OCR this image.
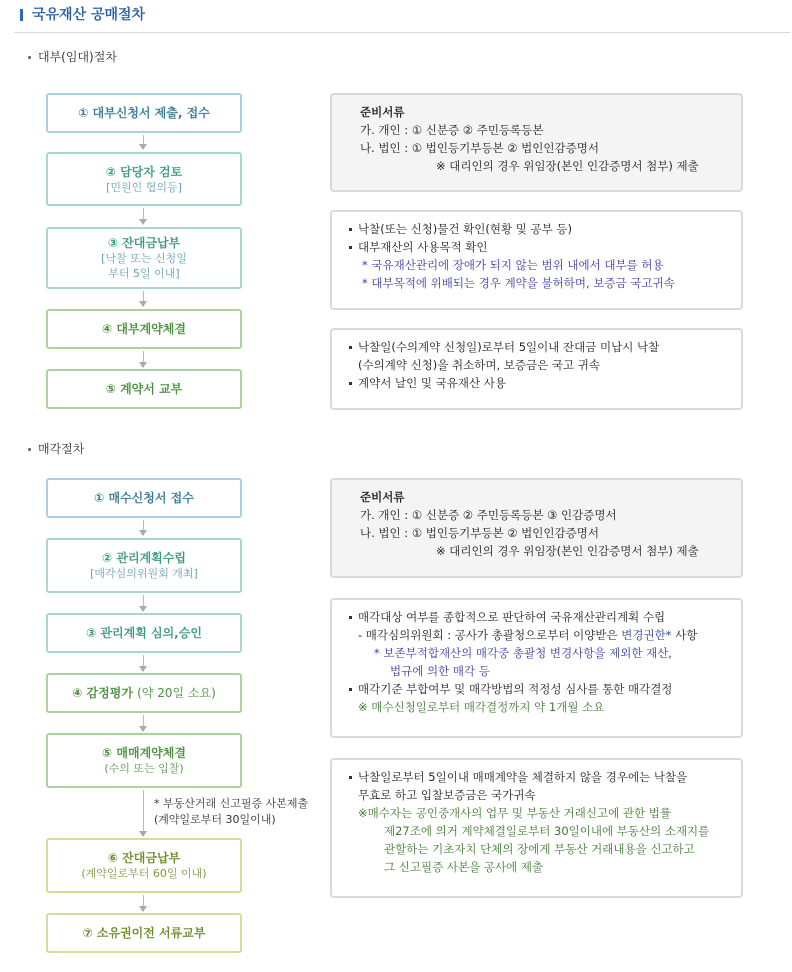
국유재산 공매절차
대부(임대)절차
① 대부신청서 제출, 접수
② 담당자 검토
[민원인 협의등]
③ 잔대금납부
[낙찰 또는 신청일
부터 5일 이내]
④ 대부계약체결
⑤ 계약서 교부
준비서류
가. 개인 : ① 신분증 ② 주민등록등본
나. 법인 : ① 법인등기부등본 ② 법인인감증명서
※ 대리인의 경우 위임장(본인 인감증명서 첨부) 제출
낙찰(또는 신청)물건 확인(현황 및 공부 등)
대부재산의 사용목적 확인
* 국유재산관리에 장애가 되지 않는 범위 내에서 대부를 허용
* 대부목적에 위배되는 경우 계약을 불허하며, 보증금 국고귀속
낙찰일(수의계약 신청일)로부터 5일이내 잔대금 미납시 낙찰
(수의계약 신청)을 취소하며, 보증금은 국고 귀속
계약서 날인 및 국유재산 사용
매각절차
① 매수신청서 접수
② 관리계획수립
[매각심의위원회 개최]
③ 관리계획 심의,승인
④ 감정평가 (약 20일 소요)
⑤ 매매계약체결
(수의 또는 입찰)
* 부동산거래 신고필증 사본제출
(계약일로부터 30일이내)
⑥ 잔대금납부
(계약일로부터 60일 이내)
⑦ 소유권이전 서류교부
준비서류
가. 개인 : ① 신분증 ② 주민등록등본 ③ 인감증명서
나. 법인 : ① 법인등기부등본 ② 법인인감증명서
※ 대리인의 경우 위임장(본인 인감증명서 첨부) 제출
매각대상 여부를 종합적으로 판단하여 국유재산관리계획 수립
- 매각심의위원회 : 공사가 총괄청으로부터 이양받은 변경권한* 사항
* 보존부적합재산의 매각중 총괄청 변경사항을 제외한 재산,
법규에 의한 매각 등
매각기준 부합여부 및 매각방법의 적정성 심사를 통한 매각결정
※ 매수신청일로부터 매각결정까지 약 1개월 소요
낙찰일로부터 5일이내 매매계약을 체결하지 않을 경우에는 낙찰을
무효로 하고 입찰보증금은 국가귀속
※매수자는 공인중개사의 업무 및 부동산 거래신고에 관한 법률
제27조에 의거 계약체결일로부터 30일이내에 부동산의 소재지를
관할하는 기초자치 단체의 장에게 부동산 거래내용을 신고하고
그 신고필증 사본을 공사에 제출
